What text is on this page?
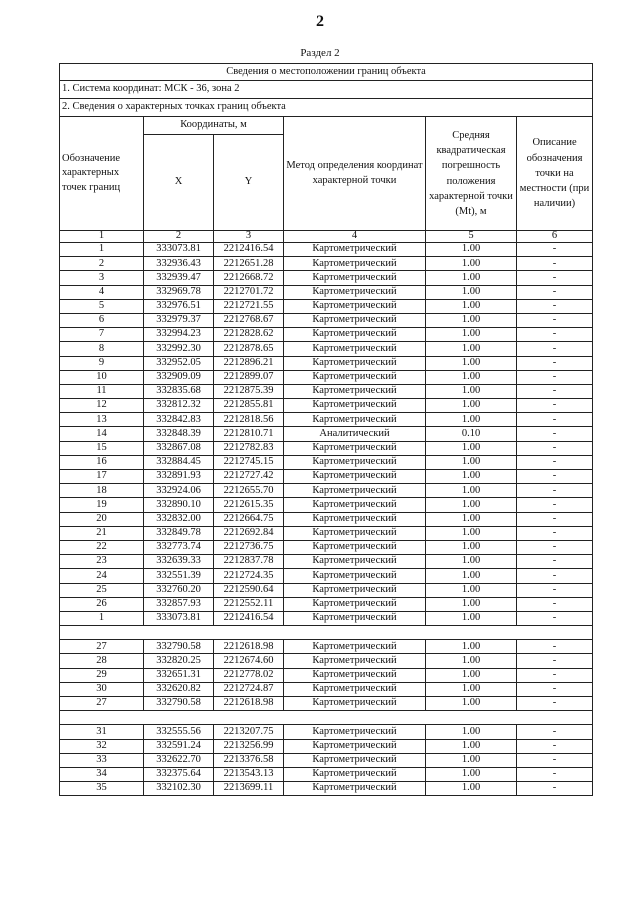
2
Раздел 2
Сведения о местоположении границ объекта					
1. Система координат: МСК - 36, зона 2					
2. Сведения о характерных точках границ объекта					
Обозначение характерных точек границ	Координаты, м		Метод определения координат характерной точки	Средняя квадратическая погрешность положения характерной точки (Mt), м	Описание обозначения точки на местности (при наличии)
	X	Y			
1	2	3	4	5	6
1	333073.81	2212416.54	Картометрический	1.00	-
2	332936.43	2212651.28	Картометрический	1.00	-
3	332939.47	2212668.72	Картометрический	1.00	-
4	332969.78	2212701.72	Картометрический	1.00	-
5	332976.51	2212721.55	Картометрический	1.00	-
6	332979.37	2212768.67	Картометрический	1.00	-
7	332994.23	2212828.62	Картометрический	1.00	-
8	332992.30	2212878.65	Картометрический	1.00	-
9	332952.05	2212896.21	Картометрический	1.00	-
10	332909.09	2212899.07	Картометрический	1.00	-
11	332835.68	2212875.39	Картометрический	1.00	-
12	332812.32	2212855.81	Картометрический	1.00	-
13	332842.83	2212818.56	Картометрический	1.00	-
14	332848.39	2212810.71	Аналитический	0.10	-
15	332867.08	2212782.83	Картометрический	1.00	-
16	332884.45	2212745.15	Картометрический	1.00	-
17	332891.93	2212727.42	Картометрический	1.00	-
18	332924.06	2212655.70	Картометрический	1.00	-
19	332890.10	2212615.35	Картометрический	1.00	-
20	332832.00	2212664.75	Картометрический	1.00	-
21	332849.78	2212692.84	Картометрический	1.00	-
22	332773.74	2212736.75	Картометрический	1.00	-
23	332639.33	2212837.78	Картометрический	1.00	-
24	332551.39	2212724.35	Картометрический	1.00	-
25	332760.20	2212590.64	Картометрический	1.00	-
26	332857.93	2212552.11	Картометрический	1.00	-
1	333073.81	2212416.54	Картометрический	1.00	-

27	332790.58	2212618.98	Картометрический	1.00	-
28	332820.25	2212674.60	Картометрический	1.00	-
29	332651.31	2212778.02	Картометрический	1.00	-
30	332620.82	2212724.87	Картометрический	1.00	-
27	332790.58	2212618.98	Картометрический	1.00	-

31	332555.56	2213207.75	Картометрический	1.00	-
32	332591.24	2213256.99	Картометрический	1.00	-
33	332622.70	2213376.58	Картометрический	1.00	-
34	332375.64	2213543.13	Картометрический	1.00	-
35	332102.30	2213699.11	Картометрический	1.00	-
